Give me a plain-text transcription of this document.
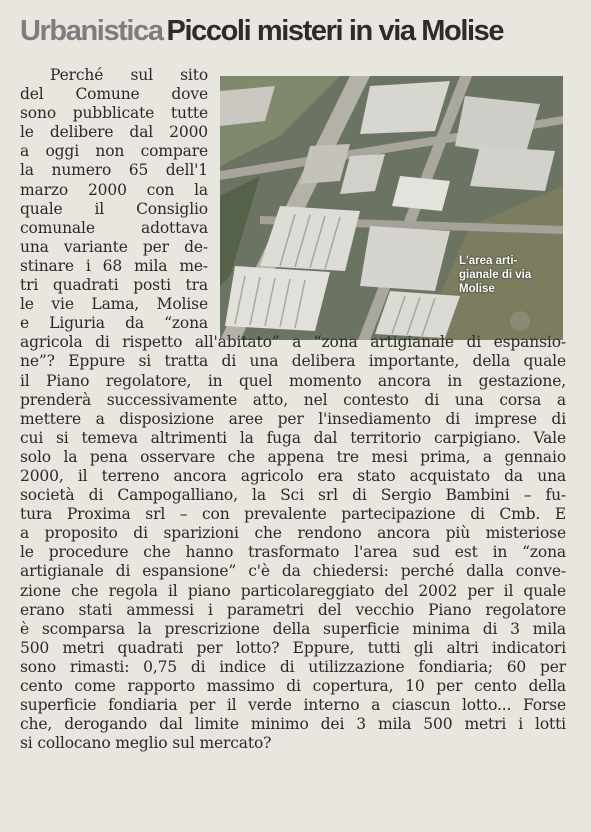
Urbanistica Piccoli misteri in via Molise
L'area arti-
gianale di via
Molise
Perché sul sito
del Comune dove
sono pubblicate tutte
le delibere dal 2000
a oggi non compare
la numero 65 dell'1
marzo 2000 con la
quale il Consiglio
comunale adottava
una variante per de-
stinare i 68 mila me-
tri quadrati posti tra
le vie Lama, Molise
e Liguria da “zona
agricola di rispetto all'abitato” a “zona artigianale di espansio-
ne”? Eppure si tratta di una delibera importante, della quale
il Piano regolatore, in quel momento ancora in gestazione,
prenderà successivamente atto, nel contesto di una corsa a
mettere a disposizione aree per l'insediamento di imprese di
cui si temeva altrimenti la fuga dal territorio carpigiano. Vale
solo la pena osservare che appena tre mesi prima, a gennaio
2000, il terreno ancora agricolo era stato acquistato da una
società di Campogalliano, la Sci srl di Sergio Bambini – fu-
tura Proxima srl – con prevalente partecipazione di Cmb. E
a proposito di sparizioni che rendono ancora più misteriose
le procedure che hanno trasformato l'area sud est in “zona
artigianale di espansione” c'è da chiedersi: perché dalla conve-
zione che regola il piano particolareggiato del 2002 per il quale
erano stati ammessi i parametri del vecchio Piano regolatore
è scomparsa la prescrizione della superficie minima di 3 mila
500 metri quadrati per lotto? Eppure, tutti gli altri indicatori
sono rimasti: 0,75 di indice di utilizzazione fondiaria; 60 per
cento come rapporto massimo di copertura, 10 per cento della
superficie fondiaria per il verde interno a ciascun lotto... Forse
che, derogando dal limite minimo dei 3 mila 500 metri i lotti
si collocano meglio sul mercato?
